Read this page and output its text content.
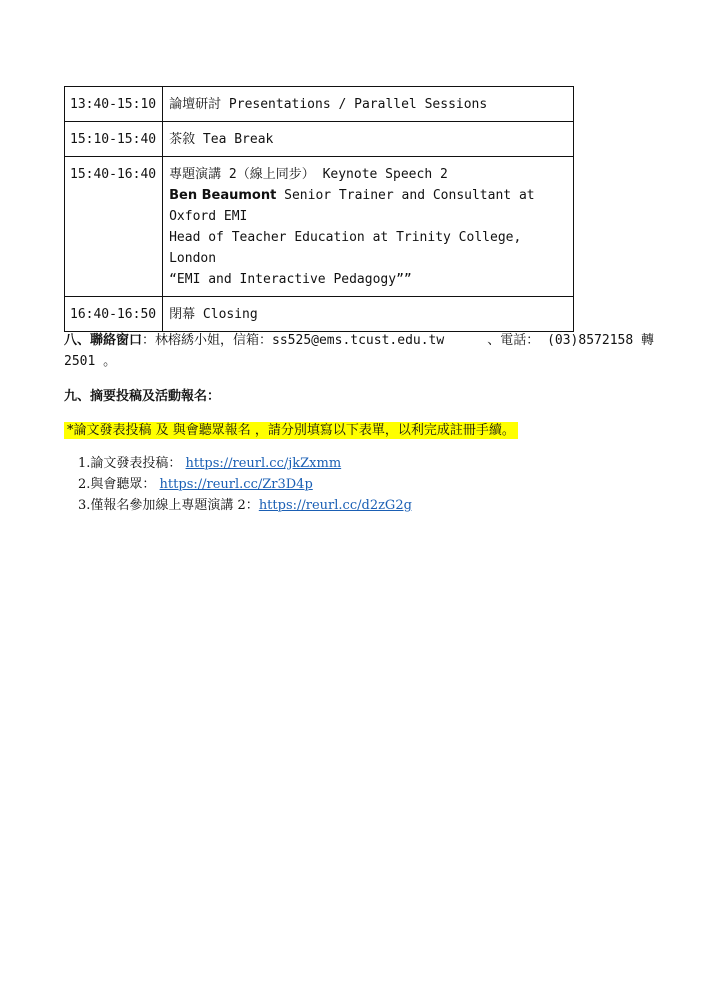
13:40-15:10	論壇研討 Presentations / Parallel Sessions
15:10-15:40	茶敘 Tea Break
15:40-16:40	專題演講 2（線上同步） Keynote Speech 2
Ben Beaumont Senior Trainer and Consultant at Oxford EMI
Head of Teacher Education at Trinity College, London
“EMI and Interactive Pedagogy””

16:40-16:50	閉幕 Closing
八、聯絡窗口：林榕綉小姐，信箱：ss525@ems.tcust.edu.tw	、電話： (03)8572158 轉
2501 。
九、摘要投稿及活動報名：
*論文發表投稿 及 與會聽眾報名 ，請分別填寫以下表單，以利完成註冊手續。
1.論文發表投稿： https://reurl.cc/jkZxmm
2.與會聽眾： https://reurl.cc/Zr3D4p
3.僅報名參加線上專題演講 2：https://reurl.cc/d2zG2g
